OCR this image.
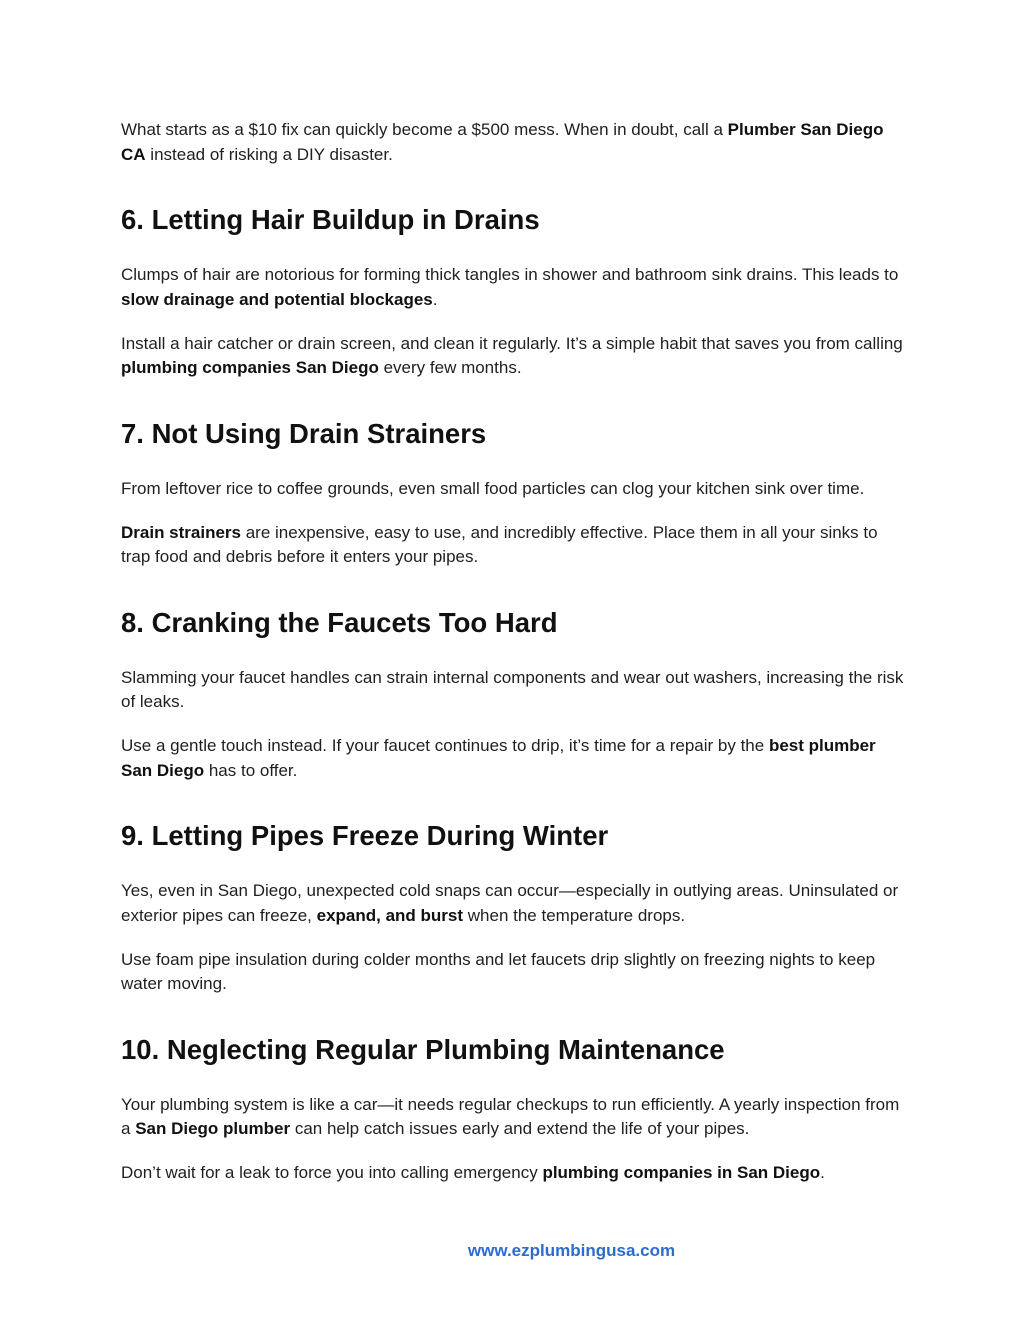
What starts as a $10 fix can quickly become a $500 mess. When in doubt, call a Plumber San Diego CA instead of risking a DIY disaster.

6. Letting Hair Buildup in Drains

Clumps of hair are notorious for forming thick tangles in shower and bathroom sink drains. This leads to slow drainage and potential blockages.

Install a hair catcher or drain screen, and clean it regularly. It’s a simple habit that saves you from calling plumbing companies San Diego every few months.

7. Not Using Drain Strainers

From leftover rice to coffee grounds, even small food particles can clog your kitchen sink over time.

Drain strainers are inexpensive, easy to use, and incredibly effective. Place them in all your sinks to trap food and debris before it enters your pipes.

8. Cranking the Faucets Too Hard

Slamming your faucet handles can strain internal components and wear out washers, increasing the risk of leaks.

Use a gentle touch instead. If your faucet continues to drip, it’s time for a repair by the best plumber San Diego has to offer.

9. Letting Pipes Freeze During Winter

Yes, even in San Diego, unexpected cold snaps can occur—especially in outlying areas. Uninsulated or exterior pipes can freeze, expand, and burst when the temperature drops.

Use foam pipe insulation during colder months and let faucets drip slightly on freezing nights to keep water moving.

10. Neglecting Regular Plumbing Maintenance

Your plumbing system is like a car—it needs regular checkups to run efficiently. A yearly inspection from a San Diego plumber can help catch issues early and extend the life of your pipes.

Don’t wait for a leak to force you into calling emergency plumbing companies in San Diego.

www.ezplumbingusa.com
